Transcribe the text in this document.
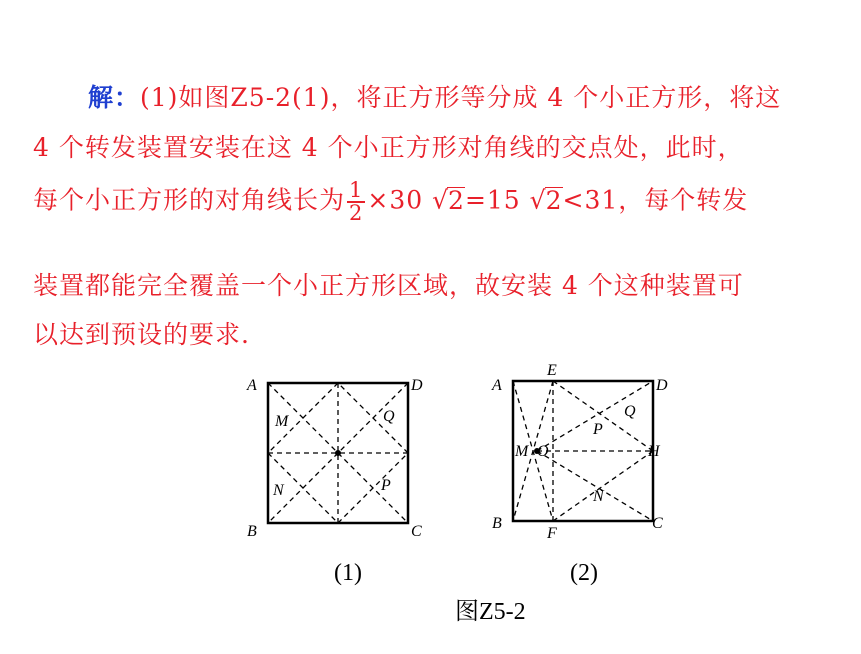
解：(1)如图Z5-2(1)，将正方形等分成 4 个小正方形，将这
4 个转发装置安装在这 4 个小正方形对角线的交点处，此时，
每个小正方形的对角线长为 $\frac{1}{2} \times 30$ √2=15 √2<31，每个转发
装置都能完全覆盖一个小正方形区域，故安装 4 个这种装置可
以达到预设的要求.
A	D
B	C
M	Q
N	P
A
E
D
Q
P
M O	H
N
B
F
C
(1)	(2)
图Z5-2
